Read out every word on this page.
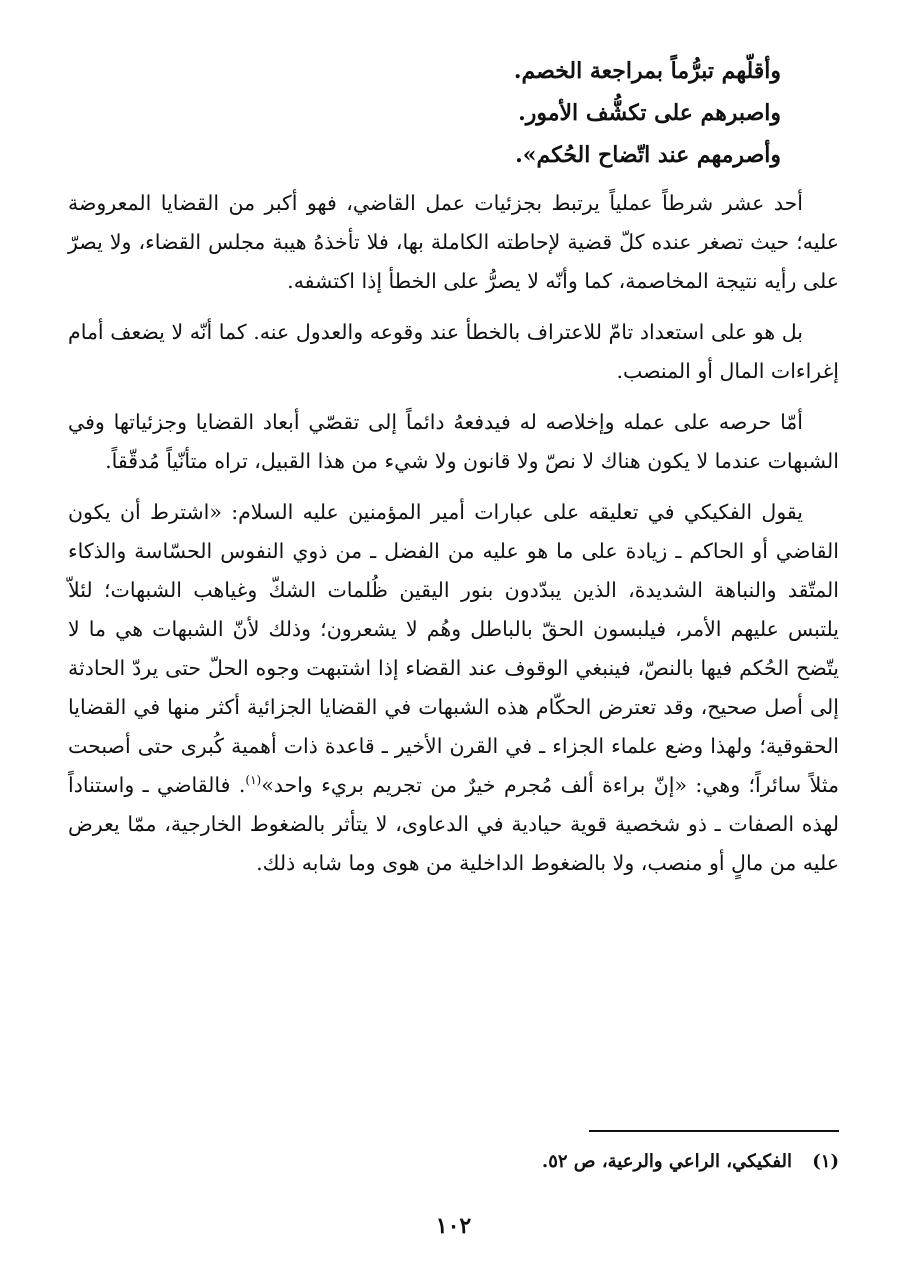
وأقلّهم تبرُّماً بمراجعة الخصم.

واصبرهم على تكشُّف الأمور.

وأصرمهم عند اتّضاح الحُكم».

أحد عشر شرطاً عملياً يرتبط بجزئيات عمل القاضي، فهو أكبر من القضايا المعروضة عليه؛ حيث تصغر عنده كلّ قضية لإحاطته الكاملة بها، فلا تأخذهُ هيبة مجلس القضاء، ولا يصرّ على رأيه نتيجة المخاصمة، كما وأنّه لا يصرُّ على الخطأ إذا اكتشفه.

بل هو على استعداد تامّ للاعتراف بالخطأ عند وقوعه والعدول عنه. كما أنّه لا يضعف أمام إغراءات المال أو المنصب.

أمّا حرصه على عمله وإخلاصه له فيدفعهُ دائماً إلى تقصّي أبعاد القضايا وجزئياتها وفي الشبهات عندما لا يكون هناك لا نصّ ولا قانون ولا شيء من هذا القبيل، تراه متأنّياً مُدقّقاً.

يقول الفكيكي في تعليقه على عبارات أمير المؤمنين عليه السلام: «اشترط أن يكون القاضي أو الحاكم ـ زيادة على ما هو عليه من الفضل ـ من ذوي النفوس الحسّاسة والذكاء المتّقد والنباهة الشديدة، الذين يبدّدون بنور اليقين ظُلمات الشكّ وغياهب الشبهات؛ لئلاّ يلتبس عليهم الأمر، فيلبسون الحقّ بالباطل وهُم لا يشعرون؛ وذلك لأنّ الشبهات هي ما لا يتّضح الحُكم فيها بالنصّ، فينبغي الوقوف عند القضاء إذا اشتبهت وجوه الحلّ حتى يردّ الحادثة إلى أصل صحيح، وقد تعترض الحكّام هذه الشبهات في القضايا الجزائية أكثر منها في القضايا الحقوقية؛ ولهذا وضع علماء الجزاء ـ في القرن الأخير ـ قاعدة ذات أهمية كُبرى حتى أصبحت مثلاً سائراً؛ وهي: «إنّ براءة ألف مُجرم خيرٌ من تجريم بريء واحد»$^{(١)}$. فالقاضي ـ واستناداً لهذه الصفات ـ ذو شخصية قوية حيادية في الدعاوى، لا يتأثر بالضغوط الخارجية، ممّا يعرض عليه من مالٍ أو منصب، ولا بالضغوط الداخلية من هوى وما شابه ذلك.

(١) الفكيكي، الراعي والرعية، ص ٥٢.
١٠٢
